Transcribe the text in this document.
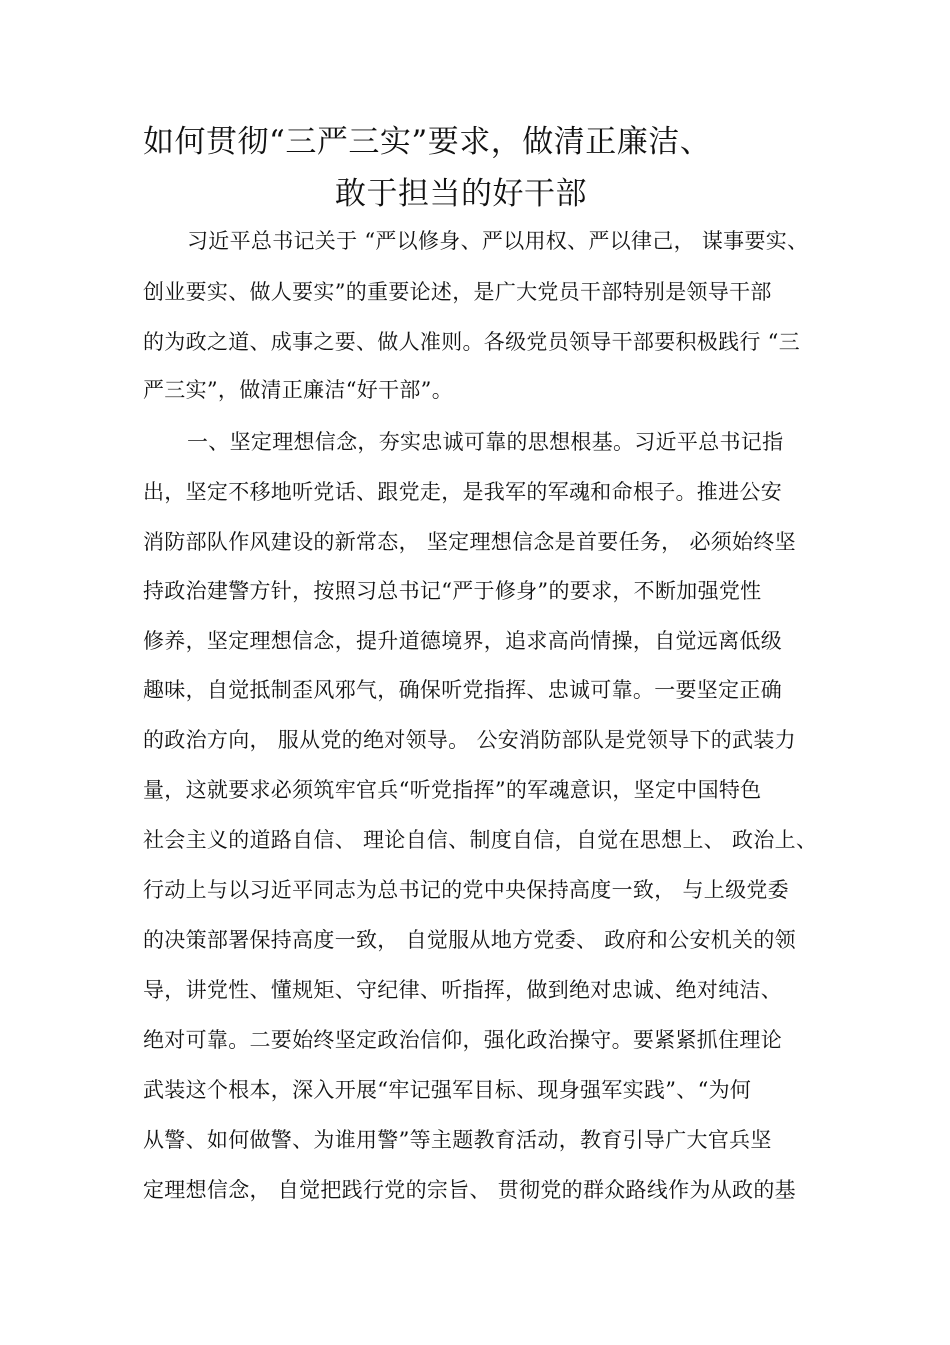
如何贯彻“三严三实”要求，做清正廉洁、
敢于担当的好干部
习近平总书记关于 “严以修身、严以用权、严以律己， 谋事要实、
创业要实、做人要实”的重要论述，是广大党员干部特别是领导干部
的为政之道、成事之要、做人准则。各级党员领导干部要积极践行 “三
严三实”，做清正廉洁“好干部”。
一、坚定理想信念，夯实忠诚可靠的思想根基。习近平总书记指
出，坚定不移地听党话、跟党走，是我军的军魂和命根子。推进公安
消防部队作风建设的新常态， 坚定理想信念是首要任务， 必须始终坚
持政治建警方针，按照习总书记“严于修身”的要求，不断加强党性
修养，坚定理想信念，提升道德境界，追求高尚情操，自觉远离低级
趣味，自觉抵制歪风邪气，确保听党指挥、忠诚可靠。一要坚定正确
的政治方向， 服从党的绝对领导。 公安消防部队是党领导下的武装力
量，这就要求必须筑牢官兵“听党指挥”的军魂意识，坚定中国特色
社会主义的道路自信、 理论自信、制度自信，自觉在思想上、 政治上、
行动上与以习近平同志为总书记的党中央保持高度一致， 与上级党委
的决策部署保持高度一致， 自觉服从地方党委、 政府和公安机关的领
导，讲党性、懂规矩、守纪律、听指挥，做到绝对忠诚、绝对纯洁、
绝对可靠。二要始终坚定政治信仰，强化政治操守。要紧紧抓住理论
武装这个根本，深入开展“牢记强军目标、现身强军实践”、“为何
从警、如何做警、为谁用警”等主题教育活动，教育引导广大官兵坚
定理想信念， 自觉把践行党的宗旨、 贯彻党的群众路线作为从政的基
